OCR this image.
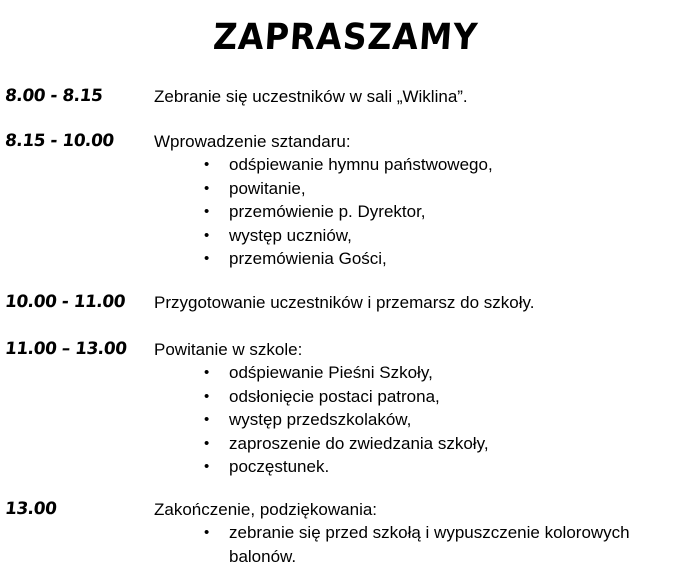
ZAPRASZAMY
8.00 - 8.15	Zebranie się uczestników w sali „Wiklina”.
8.15 - 10.00 Wprowadzenie sztandaru:
• odśpiewanie hymnu państwowego,
• powitanie,
• przemówienie p. Dyrektor,
• występ uczniów,
• przemówienia Gości,
10.00 - 11.00 Przygotowanie uczestników i przemarsz do szkoły.
11.00 – 13.00 Powitanie w szkole:
• odśpiewanie Pieśni Szkoły,
• odsłonięcie postaci patrona,
• występ przedszkolaków,
• zaproszenie do zwiedzania szkoły,
• poczęstunek.
13.00	Zakończenie, podziękowania:
• zebranie się przed szkołą i wypuszczenie kolorowych balonów.
